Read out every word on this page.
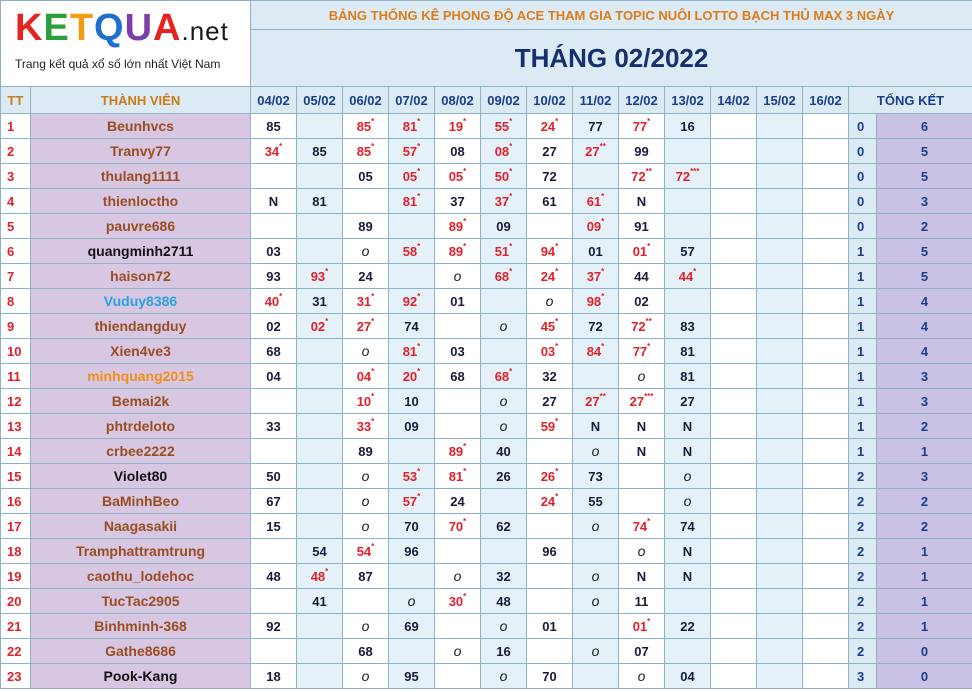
KETQUA.net
Trang kết quả xổ số lớn nhất Việt Nam		BẢNG THỐNG KÊ PHONG ĐỘ ACE THAM GIA TOPIC NUÔI LOTTO BẠCH THỦ MAX 3 NGÀY														
		THÁNG 02/2022														
TT	THÀNH VIÊN	04/02	05/02	06/02	07/02	08/02	09/02	10/02	11/02	12/02	13/02	14/02	15/02	16/02	TỔNG KẾT	
1	Beunhvcs	85		85*	81*	19*	55*	24*	77	77*	16				0	6
2	Tranvy77	34*	85	85*	57*	08	08*	27	27**	99					0	5
3	thulang1111			05	05*	05*	50*	72		72**	72***				0	5
4	thienloctho	N	81		81*	37	37*	61	61*	N					0	3
5	pauvre686			89		89*	09		09*	91					0	2
6	quangminh2711	03		o	58*	89*	51*	94*	01	01*	57				1	5
7	haison72	93	93*	24		o	68*	24*	37*	44	44*				1	5
8	Vuduy8386	40*	31	31*	92*	01		o	98*	02					1	4
9	thiendangduy	02	02*	27*	74		o	45*	72	72**	83				1	4
10	Xien4ve3	68		o	81*	03		03*	84*	77*	81				1	4
11	minhquang2015	04		04*	20*	68	68*	32		o	81				1	3
12	Bemai2k			10*	10		o	27	27**	27***	27				1	3
13	phtrdeloto	33		33*	09		o	59*	N	N	N				1	2
14	crbee2222			89		89*	40		o	N	N				1	1
15	Violet80	50		o	53*	81*	26	26*	73		o				2	3
16	BaMinhBeo	67		o	57*	24		24*	55		o				2	2
17	Naagasakii	15		o	70	70*	62		o	74*	74				2	2
18	Tramphattramtrung		54	54*	96			96		o	N				2	1
19	caothu_lodehoc	48	48*	87		o	32		o	N	N				2	1
20	TucTac2905		41		o	30*	48		o	11					2	1
21	Binhminh-368	92		o	69		o	01		01*	22				2	1
22	Gathe8686			68		o	16		o	07					2	0
23	Pook-Kang	18		o	95		o	70		o	04				3	0
